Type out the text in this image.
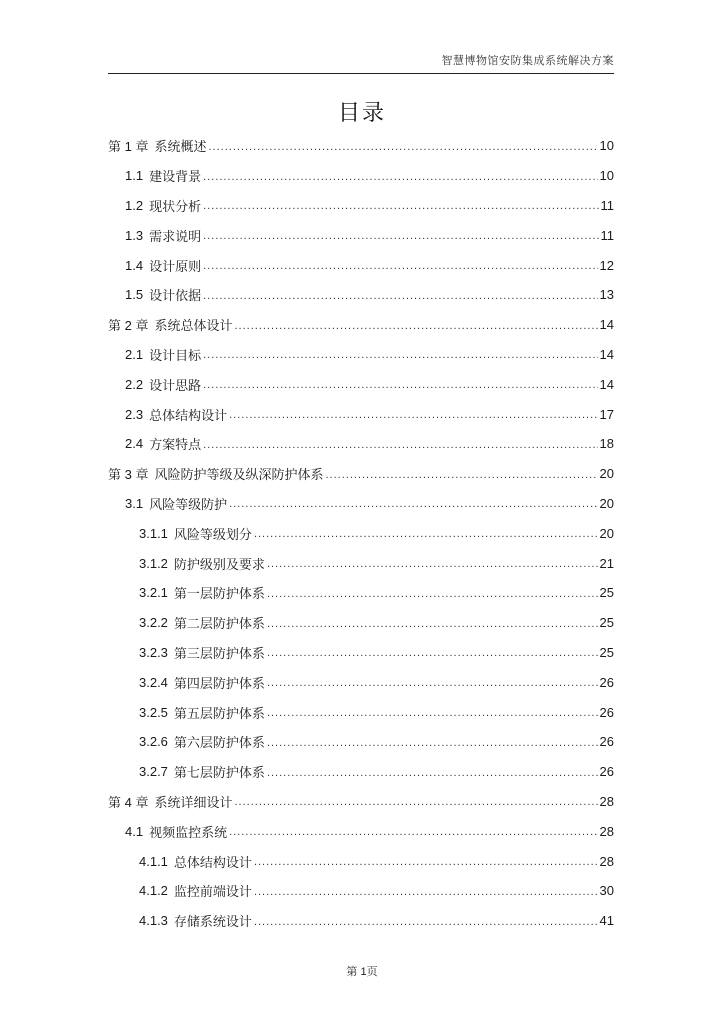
智慧博物馆安防集成系统解决方案
目录
第 1 章 系统概述 .....	10
1.1 建设背景 .....	10
1.2 现状分析 .....	11
1.3 需求说明 .....	11
1.4 设计原则 .....	12
1.5 设计依据 .....	13
第 2 章 系统总体设计 .....	14
2.1 设计目标 .....	14
2.2 设计思路 .....	14
2.3 总体结构设计 .....	17
2.4 方案特点 .....	18
第 3 章 风险防护等级及纵深防护体系 .....	20
3.1 风险等级防护 .....	20
3.1.1 风险等级划分 .....	20
3.1.2 防护级别及要求 .....	21
3.2.1 第一层防护体系 .....	25
3.2.2 第二层防护体系 .....	25
3.2.3 第三层防护体系 .....	25
3.2.4 第四层防护体系 .....	26
3.2.5 第五层防护体系 .....	26
3.2.6 第六层防护体系 .....	26
3.2.7 第七层防护体系 .....	26
第 4 章 系统详细设计 .....	28
4.1 视频监控系统 .....	28
4.1.1 总体结构设计 .....	28
4.1.2 监控前端设计 .....	30
4.1.3 存储系统设计 .....	41
第 1页
